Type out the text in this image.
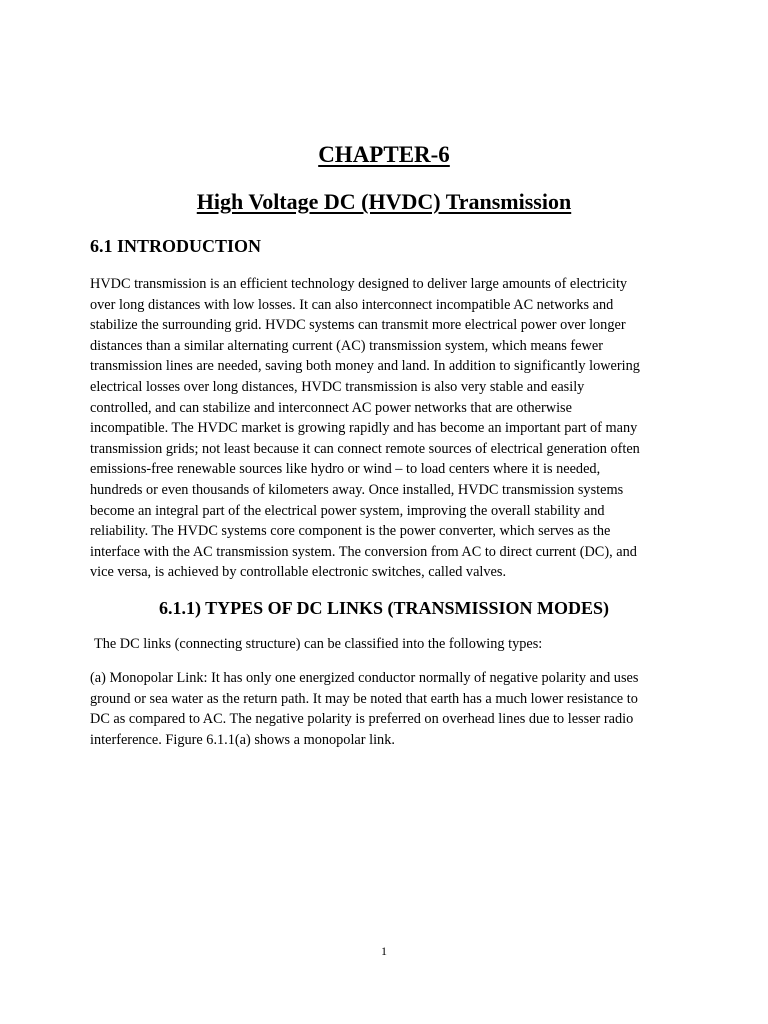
CHAPTER-6
High Voltage DC (HVDC) Transmission
6.1 INTRODUCTION

HVDC transmission is an efficient technology designed to deliver large amounts of electricity
over long distances with low losses. It can also interconnect incompatible AC networks and
stabilize the surrounding grid. HVDC systems can transmit more electrical power over longer
distances than a similar alternating current (AC) transmission system, which means fewer
transmission lines are needed, saving both money and land. In addition to significantly lowering
electrical losses over long distances, HVDC transmission is also very stable and easily
controlled, and can stabilize and interconnect AC power networks that are otherwise
incompatible. The HVDC market is growing rapidly and has become an important part of many
transmission grids; not least because it can connect remote sources of electrical generation often
emissions-free renewable sources like hydro or wind – to load centers where it is needed,
hundreds or even thousands of kilometers away. Once installed, HVDC transmission systems
become an integral part of the electrical power system, improving the overall stability and
reliability. The HVDC systems core component is the power converter, which serves as the
interface with the AC transmission system. The conversion from AC to direct current (DC), and
vice versa, is achieved by controllable electronic switches, called valves.

6.1.1) TYPES OF DC LINKS (TRANSMISSION MODES)
The DC links (connecting structure) can be classified into the following types:

(a) Monopolar Link: It has only one energized conductor normally of negative polarity and uses
ground or sea water as the return path. It may be noted that earth has a much lower resistance to
DC as compared to AC. The negative polarity is preferred on overhead lines due to lesser radio
interference. Figure 6.1.1(a) shows a monopolar link.

1
